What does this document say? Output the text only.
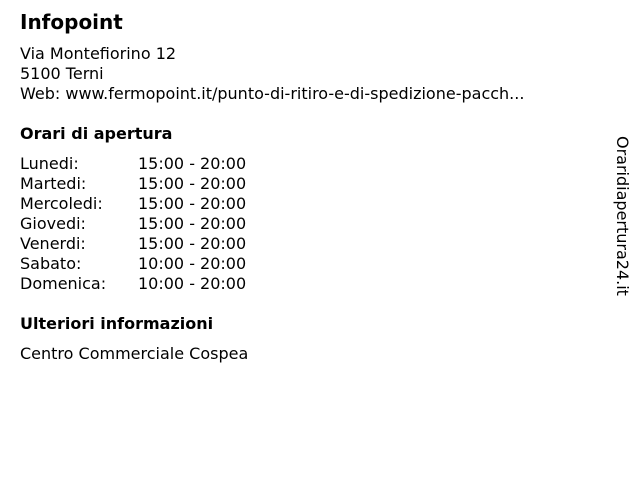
Infopoint
Via Montefiorino 12
5100 Terni
Web: www.fermopoint.it/punto-di-ritiro-e-di-spedizione-pacch...
Orari di apertura
Lunedi:	15:00 - 20:00
Martedi:	15:00 - 20:00
Mercoledi:	15:00 - 20:00
Giovedi:	15:00 - 20:00
Venerdi:	15:00 - 20:00
Sabato:	10:00 - 20:00
Domenica:	10:00 - 20:00
Ulteriori informazioni
Centro Commerciale Cospea
Oraridiapertura24.it
